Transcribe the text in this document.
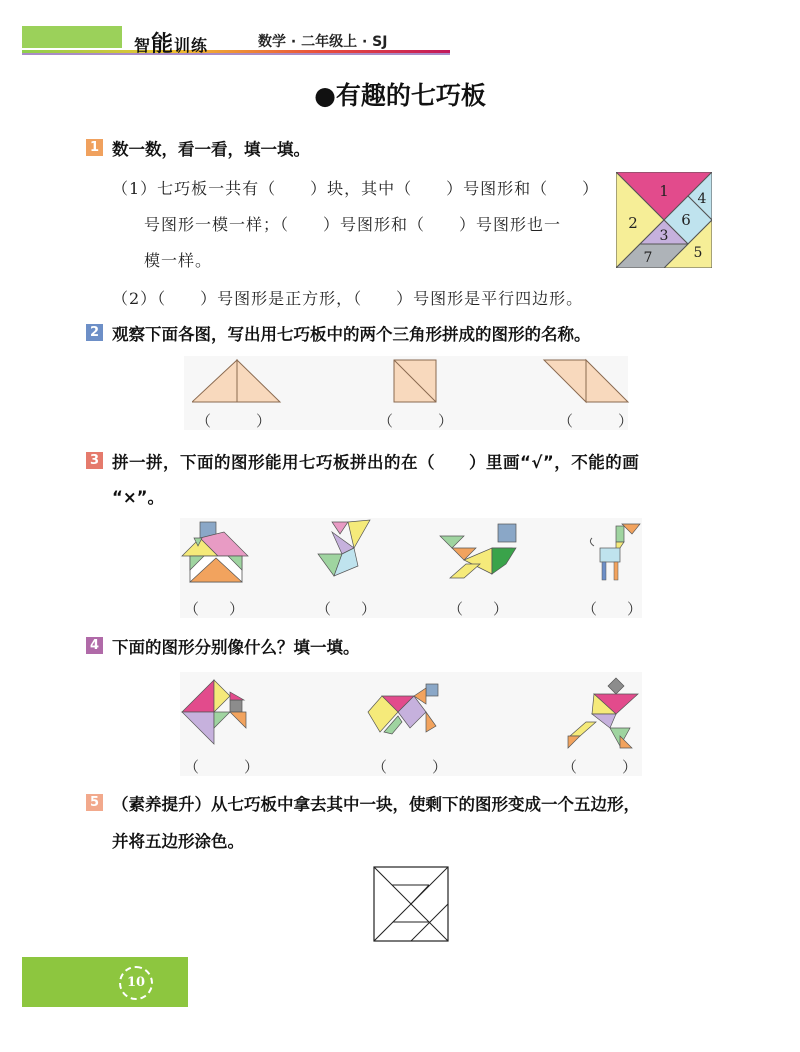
智能训练	数学 · 二年级上 · SJ
●有趣的七巧板
1 数一数，看一看，填一填。
（1）七巧板一共有（　　）块，其中（　　）号图形和（　　）
号图形一模一样；（　　）号图形和（　　）号图形也一
模一样。
（2）（　　）号图形是正方形，（　　）号图形是平行四边形。
1
2
3
4
5
6
7
2 观察下面各图，写出用七巧板中的两个三角形拼成的图形的名称。
（　　　）	（　　　）	（　　　）
3 拼一拼，下面的图形能用七巧板拼出的在（　　）里画“√”，不能的画
“×”。
（　　）	（　　）	（　　）	（　　）
4 下面的图形分别像什么？填一填。
（　　　）	（　　　）	（　　　）
5 （素养提升）从七巧板中拿去其中一块，使剩下的图形变成一个五边形，
并将五边形涂色。
10
